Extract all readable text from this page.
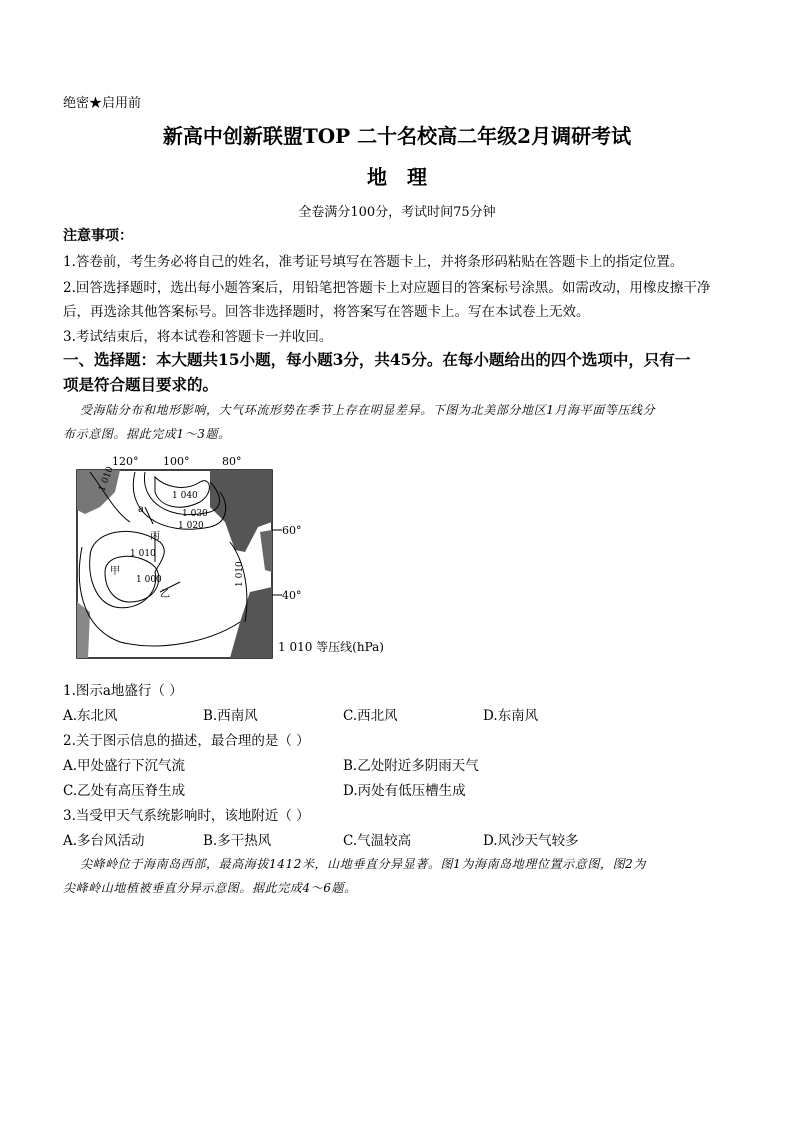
绝密★启用前
新高中创新联盟TOP 二十名校高二年级2月调研考试
地理
全卷满分100分，考试时间75分钟
注意事项：
1.答卷前，考生务必将自己的姓名，准考证号填写在答题卡上，并将条形码粘贴在答题卡上的指定位置。
2.回答选择题时，选出每小题答案后，用铅笔把答题卡上对应题目的答案标号涂黑。如需改动，用橡皮擦干净
后，再选涂其他答案标号。回答非选择题时，将答案写在答题卡上。写在本试卷上无效。
3.考试结束后，将本试卷和答题卡一并收回。
一、选择题：本大题共15小题，每小题3分，共45分。在每小题给出的四个选项中，只有一
项是符合题目要求的。
受海陆分布和地形影响，大气环流形势在季节上存在明显差异。下图为北美部分地区1月海平面等压线分
布示意图。据此完成1～3题。
120° 100°	80°
60°
40°
1 040
1 030
1 020
1 010
1 000	1 010
1 010
甲
乙
丙
a
1 010 等压线(hPa)
1.图示a地盛行（ ）
A.东北风	B.西南风	C.西北风	D.东南风
2.关于图示信息的描述，最合理的是（ ）
A.甲处盛行下沉气流	B.乙处附近多阴雨天气
C.乙处有高压脊生成	D.丙处有低压槽生成
3.当受甲天气系统影响时，该地附近（ ）
A.多台风活动	B.多干热风	C.气温较高	D.风沙天气较多
尖峰岭位于海南岛西部，最高海拔1412米，山地垂直分异显著。图1为海南岛地理位置示意图，图2为
尖峰岭山地植被垂直分异示意图。据此完成4～6题。
